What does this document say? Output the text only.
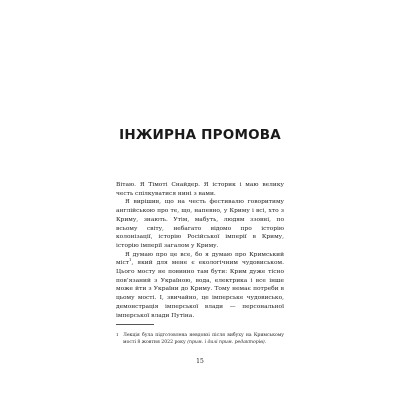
ІНЖИРНА ПРОМОВА

Вітаю. Я Тімоті Снайдер. Я історик і маю велику честь спілкуватися нині з вами.

Я вирішив, що на честь фестивалю говоритиму англійською про те, що, напевно, у Криму і всі, хто з Криму, знають. Утім, мабуть, людям ззовні, по всьому світу, небагато відомо про історію колонізації, історію Російської імперії в Криму, історію імперії загалом у Криму.

Я думаю про це все, бо я думаю про Кримський міст$^1$, який для мене є екологічним чудовиськом. Цього мосту не повинно там бути: Крим дуже тісно пов’язаний з Україною, вода, електрика і все інше може йти з України до Криму. Тому немає потреби в цьому мості. І, звичайно, це імперське чудовисько, демонстрація імперської влади — персональної імперської влади Путіна.

1 Лекція була підготовлена невдовзі після вибуху на Кримському мості 8 жовтня 2022 року (прим. і далі прим. редакторів).
15
